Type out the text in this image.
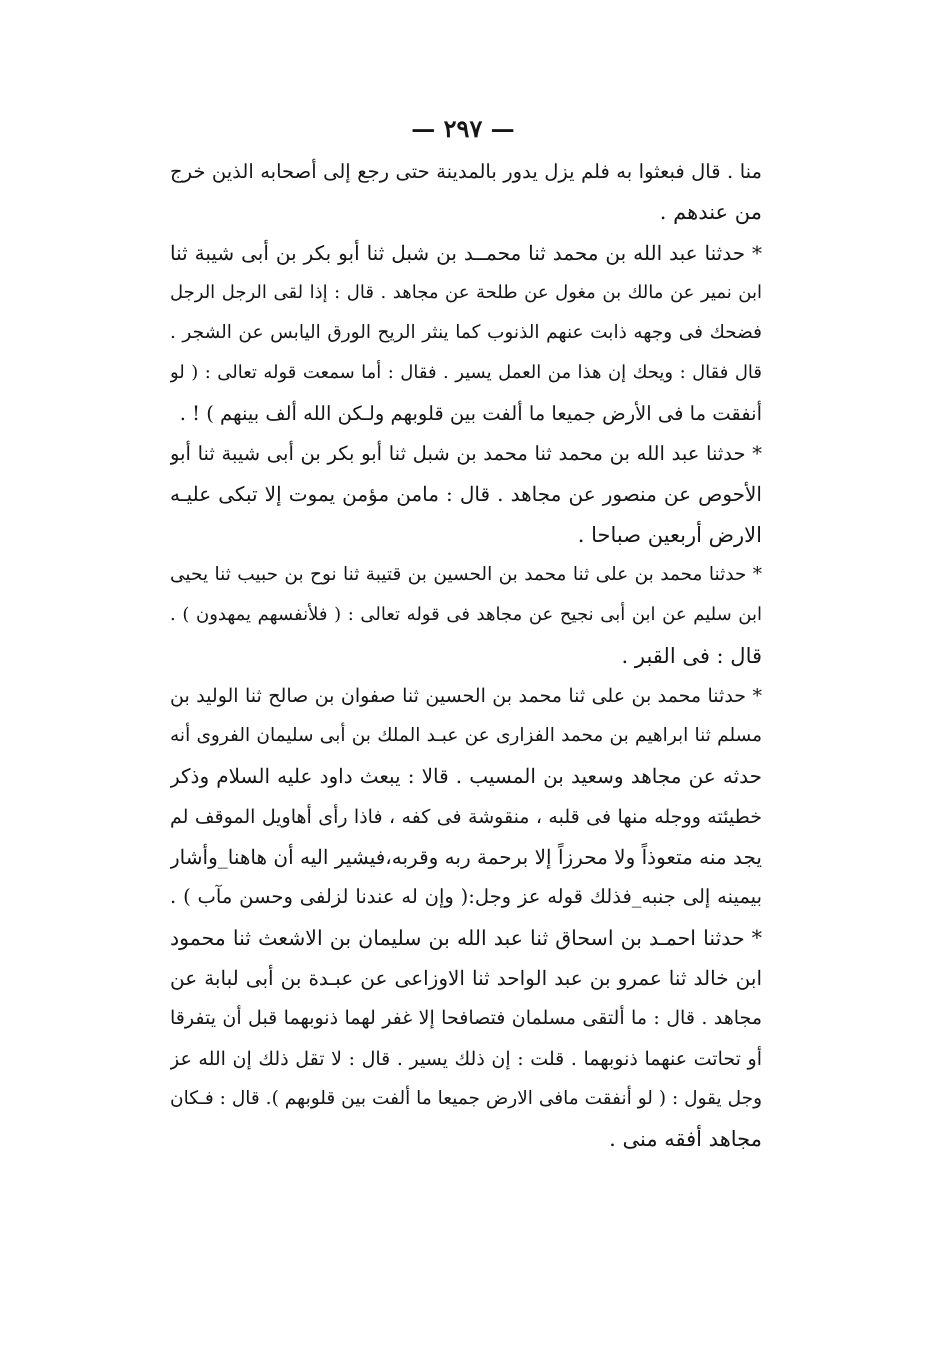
— ٢٩٧ —
منا . قال فبعثوا به فلم يزل يدور بالمدينة حتى رجع إلى أصحابه الذين خرج
من عندهم .
* حدثنا عبد الله بن محمد ثنا محمــد بن شبل ثنا أبو بكر بن أبى شيبة ثنا
ابن نمير عن مالك بن مغول عن طلحة عن مجاهد . قال : إذا لقى الرجل الرجل
فضحك فى وجهه ذابت عنهم الذنوب كما ينثر الريح الورق اليابس عن الشجر .
قال فقال : ويحك إن هذا من العمل يسير . فقال : أما سمعت قوله تعالى : ( لو
أنفقت ما فى الأرض جميعا ما ألفت بين قلوبهم ولـكن الله ألف بينهم ) ! .
* حدثنا عبد الله بن محمد ثنا محمد بن شبل ثنا أبو بكر بن أبى شيبة ثنا أبو
الأحوص عن منصور عن مجاهد . قال : مامن مؤمن يموت إلا تبكى عليـه
الارض أربعين صباحا .
* حدثنا محمد بن على ثنا محمد بن الحسين بن قتيبة ثنا نوح بن حبيب ثنا يحيى
ابن سليم عن ابن أبى نجيح عن مجاهد فى قوله تعالى : ( فلأنفسهم يمهدون ) .
قال : فى القبر .
* حدثنا محمد بن على ثنا محمد بن الحسين ثنا صفوان بن صالح ثنا الوليد بن
مسلم ثنا ابراهيم بن محمد الفزارى عن عبـد الملك بن أبى سليمان الفروى أنه
حدثه عن مجاهد وسعيد بن المسيب . قالا : يبعث داود عليه السلام وذكر
خطيئته ووجله منها فى قلبه ، منقوشة فى كفه ، فاذا رأى أهاويل الموقف لم
يجد منه متعوذاً ولا محرزاً إلا برحمة ربه وقربه،فيشير اليه أن هاهنا_وأشار
بيمينه إلى جنبه_فذلك قوله عز وجل:( وإن له عندنا لزلفى وحسن مآب ) .
* حدثنا احمـد بن اسحاق ثنا عبد الله بن سليمان بن الاشعث ثنا محمود
ابن خالد ثنا عمرو بن عبد الواحد ثنا الاوزاعى عن عبـدة بن أبى لبابة عن
مجاهد . قال : ما ألتقى مسلمان فتصافحا إلا غفر لهما ذنوبهما قبل أن يتفرقا
أو تحاتت عنهما ذنوبهما . قلت : إن ذلك يسير . قال : لا تقل ذلك إن الله عز
وجل يقول : ( لو أنفقت مافى الارض جميعا ما ألفت بين قلوبهم ). قال : فـكان
مجاهد أفقه منى .
